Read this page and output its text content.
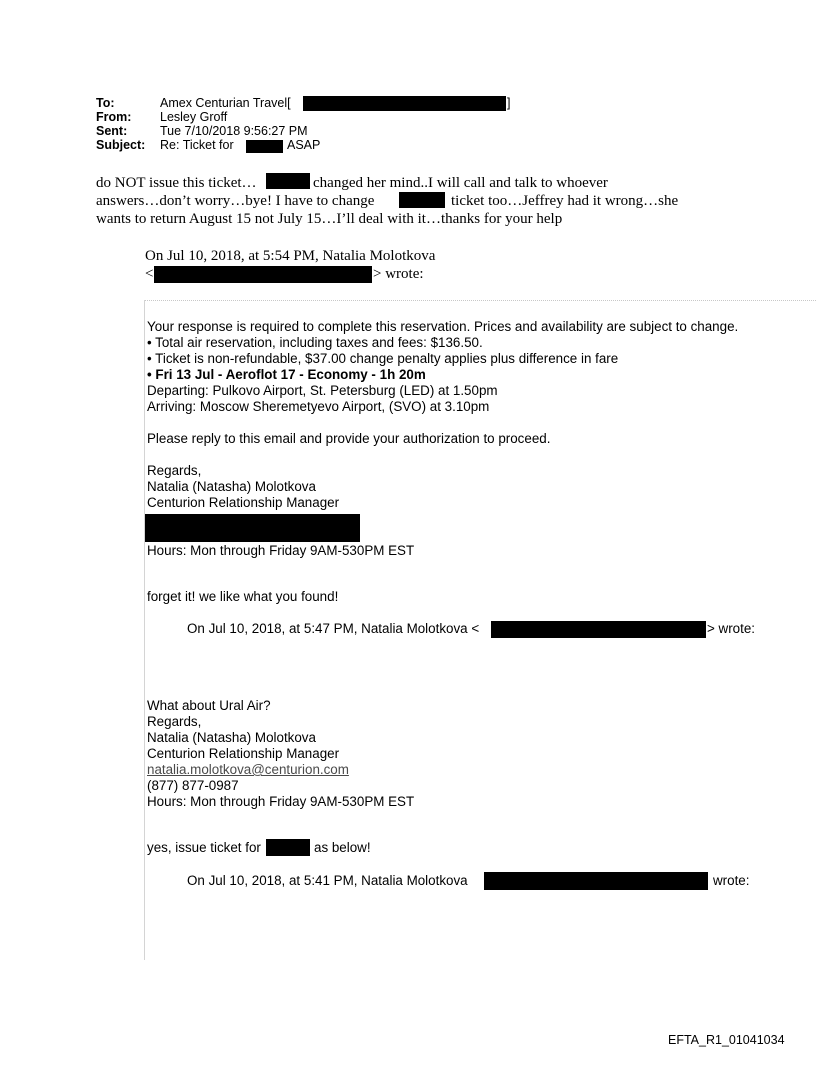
To:	Amex Centurian Travel[	]
From: Lesley Groff
Sent:	Tue 7/10/2018 9:56:27 PM
Subject: Re: Ticket for	ASAP
do NOT issue this ticket…	changed her mind..I will call and talk to whoever
answers…don’t worry…bye! I have to change	ticket too…Jeffrey had it wrong…she
wants to return August 15 not July 15…I’ll deal with it…thanks for your help
On Jul 10, 2018, at 5:54 PM, Natalia Molotkova
<	> wrote:
Your response is required to complete this reservation. Prices and availability are subject to change.
• Total air reservation, including taxes and fees: $136.50.
• Ticket is non-refundable, $37.00 change penalty applies plus difference in fare
• Fri 13 Jul - Aeroflot 17 - Economy - 1h 20m
Departing: Pulkovo Airport, St. Petersburg (LED) at 1.50pm
Arriving: Moscow Sheremetyevo Airport, (SVO) at 3.10pm
Please reply to this email and provide your authorization to proceed.
Regards,
Natalia (Natasha) Molotkova
Centurion Relationship Manager
Hours: Mon through Friday 9AM-530PM EST
forget it! we like what you found!
On Jul 10, 2018, at 5:47 PM, Natalia Molotkova <	> wrote:
What about Ural Air?
Regards,
Natalia (Natasha) Molotkova
Centurion Relationship Manager
natalia.molotkova@centurion.com
(877) 877-0987
Hours: Mon through Friday 9AM-530PM EST
yes, issue ticket for	as below!
On Jul 10, 2018, at 5:41 PM, Natalia Molotkova	wrote:
EFTA_R1_01041034
